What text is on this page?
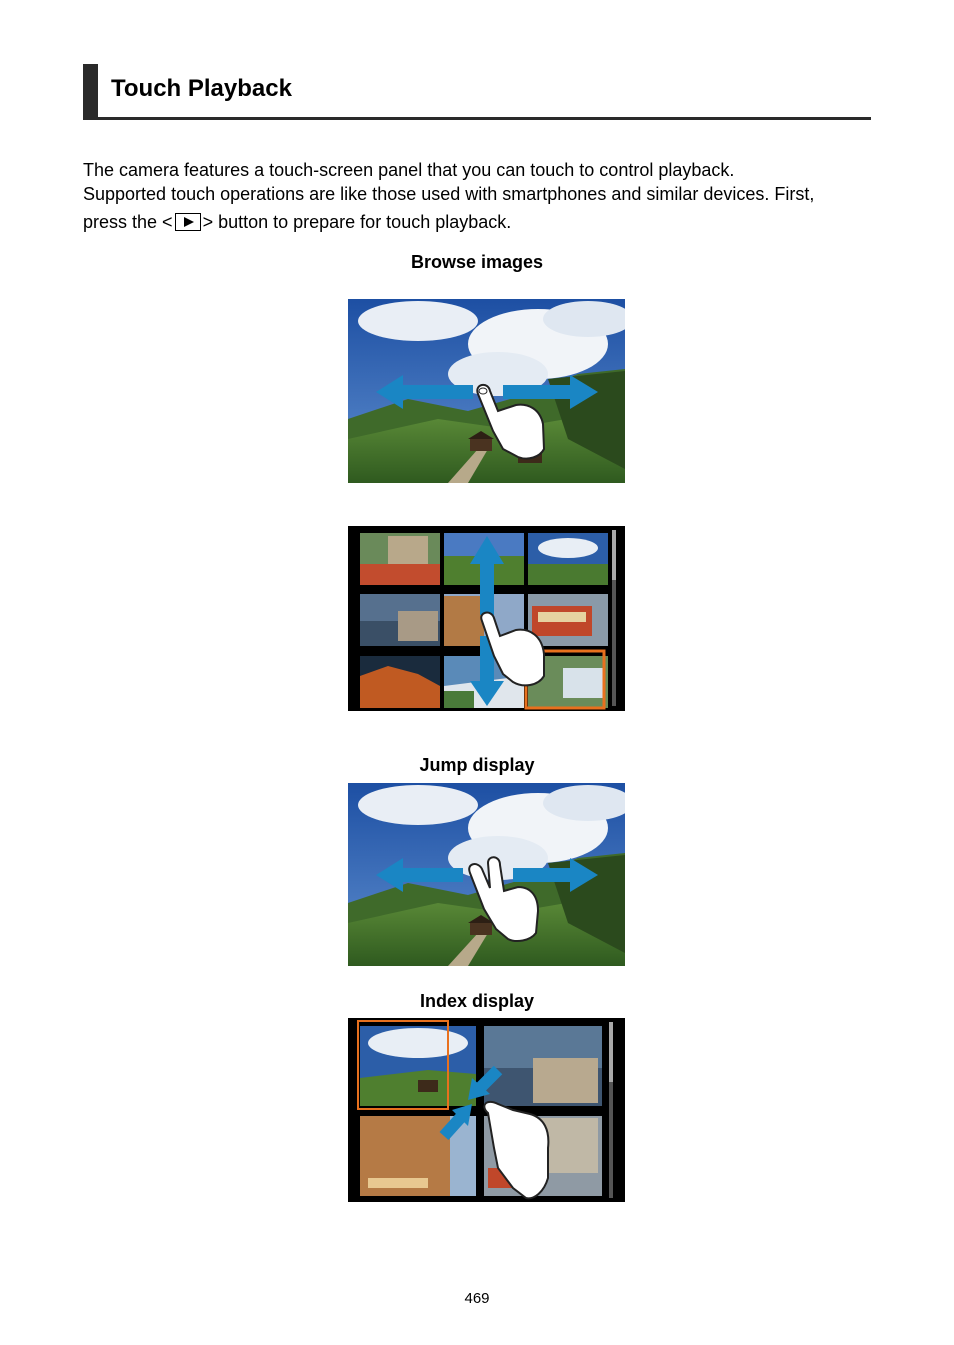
Touch Playback

The camera features a touch-screen panel that you can touch to control playback.

Supported touch operations are like those used with smartphones and similar devices. First,

press the < > button to prepare for touch playback.

Browse images
Jump display
Index display
469
